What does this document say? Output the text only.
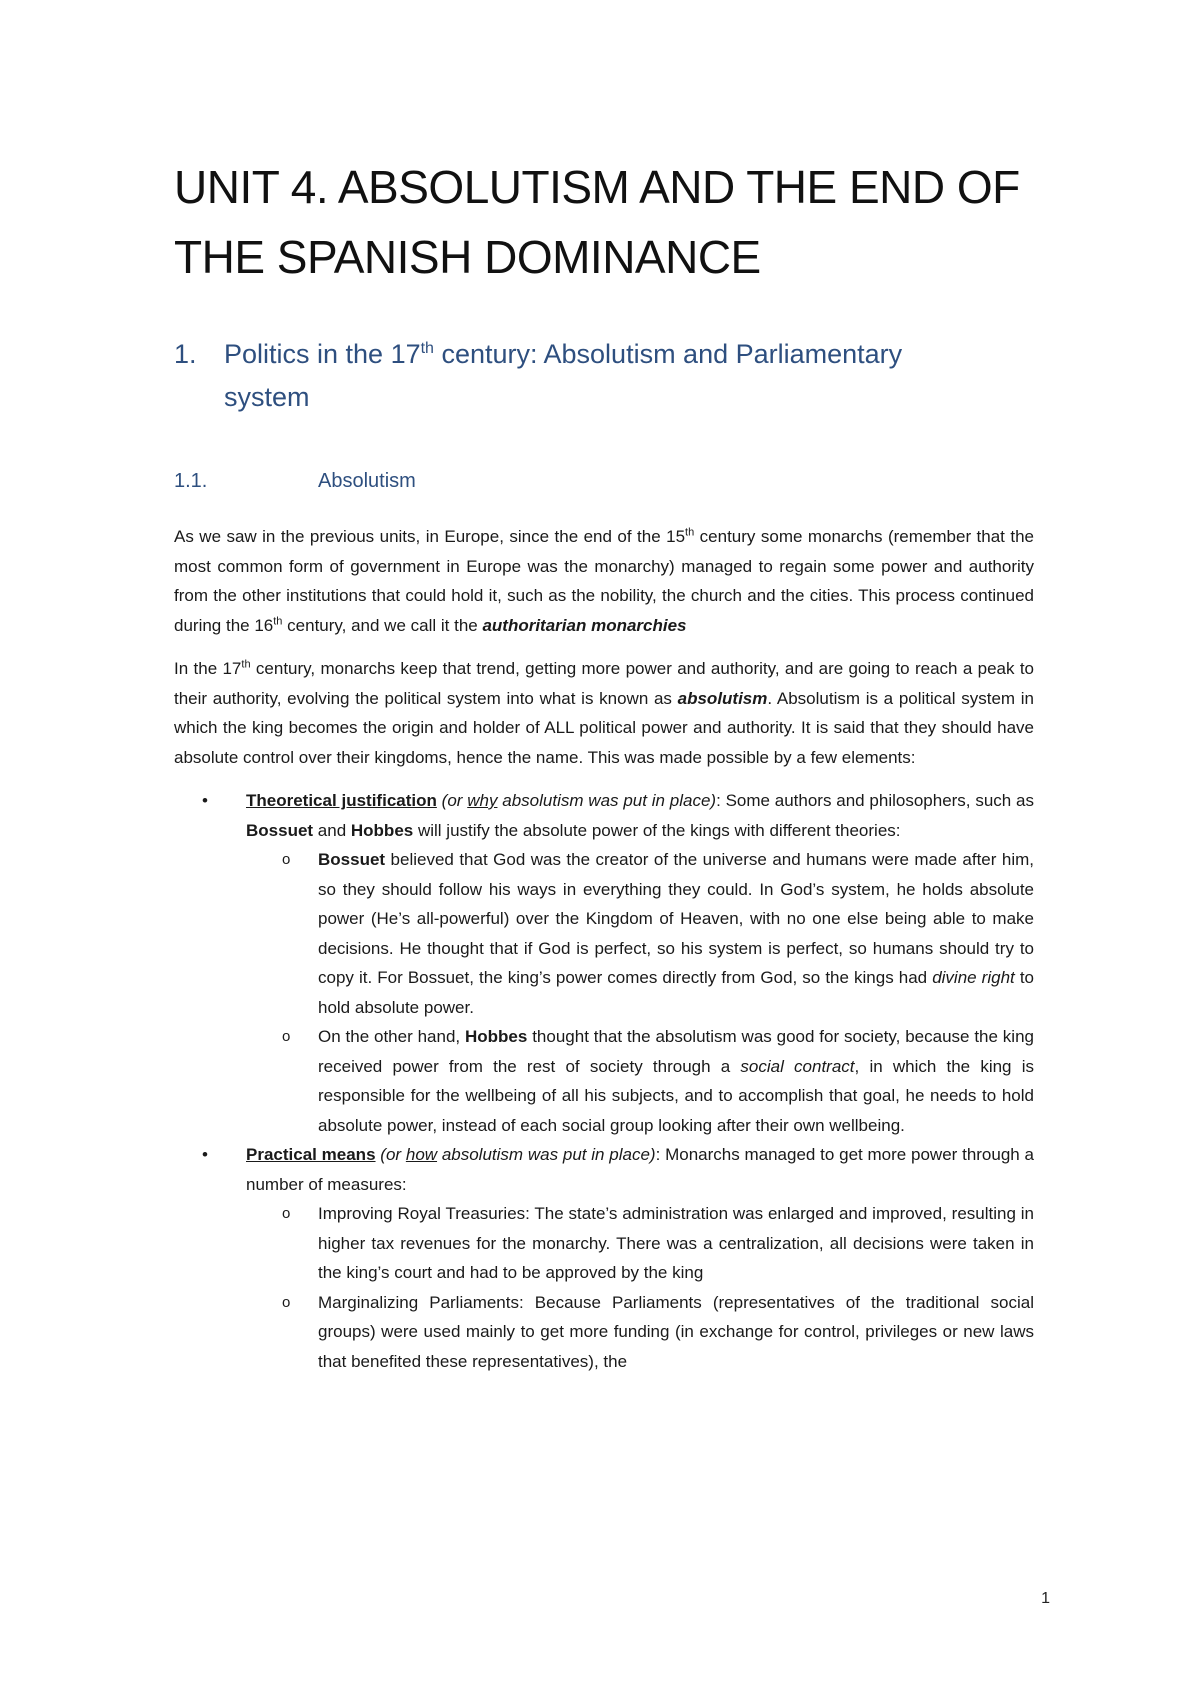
UNIT 4. ABSOLUTISM AND THE END OF THE SPANISH DOMINANCE
1. Politics in the 17th century: Absolutism and Parliamentary
system
1.1.	Absolutism

As we saw in the previous units, in Europe, since the end of the 15th century some monarchs (remember that the most common form of government in Europe was the monarchy) managed to regain some power and authority from the other institutions that could hold it, such as the nobility, the church and the cities. This process continued during the 16th century, and we call it the authoritarian monarchies

In the 17th century, monarchs keep that trend, getting more power and authority, and are going to reach a peak to their authority, evolving the political system into what is known as absolutism. Absolutism is a political system in which the king becomes the origin and holder of ALL political power and authority. It is said that they should have absolute control over their kingdoms, hence the name. This was made possible by a few elements:

• Theoretical justification (or why absolutism was put in place): Some authors and philosophers, such as Bossuet and Hobbes will justify the absolute power of the kings with different theories:
o Bossuet believed that God was the creator of the universe and humans were made after him, so they should follow his ways in everything they could. In God’s system, he holds absolute power (He’s all-powerful) over the Kingdom of Heaven, with no one else being able to make decisions. He thought that if God is perfect, so his system is perfect, so humans should try to copy it. For Bossuet, the king’s power comes directly from God, so the kings had divine right to hold absolute power.
o On the other hand, Hobbes thought that the absolutism was good for society, because the king received power from the rest of society through a social contract, in which the king is responsible for the wellbeing of all his subjects, and to accomplish that goal, he needs to hold absolute power, instead of each social group looking after their own wellbeing.
• Practical means (or how absolutism was put in place): Monarchs managed to get more power through a number of measures:
o Improving Royal Treasuries: The state’s administration was enlarged and improved, resulting in higher tax revenues for the monarchy. There was a centralization, all decisions were taken in the king’s court and had to be approved by the king
o Marginalizing Parliaments: Because Parliaments (representatives of the traditional social groups) were used mainly to get more funding (in exchange for control, privileges or new laws that benefited these representatives), the
1
